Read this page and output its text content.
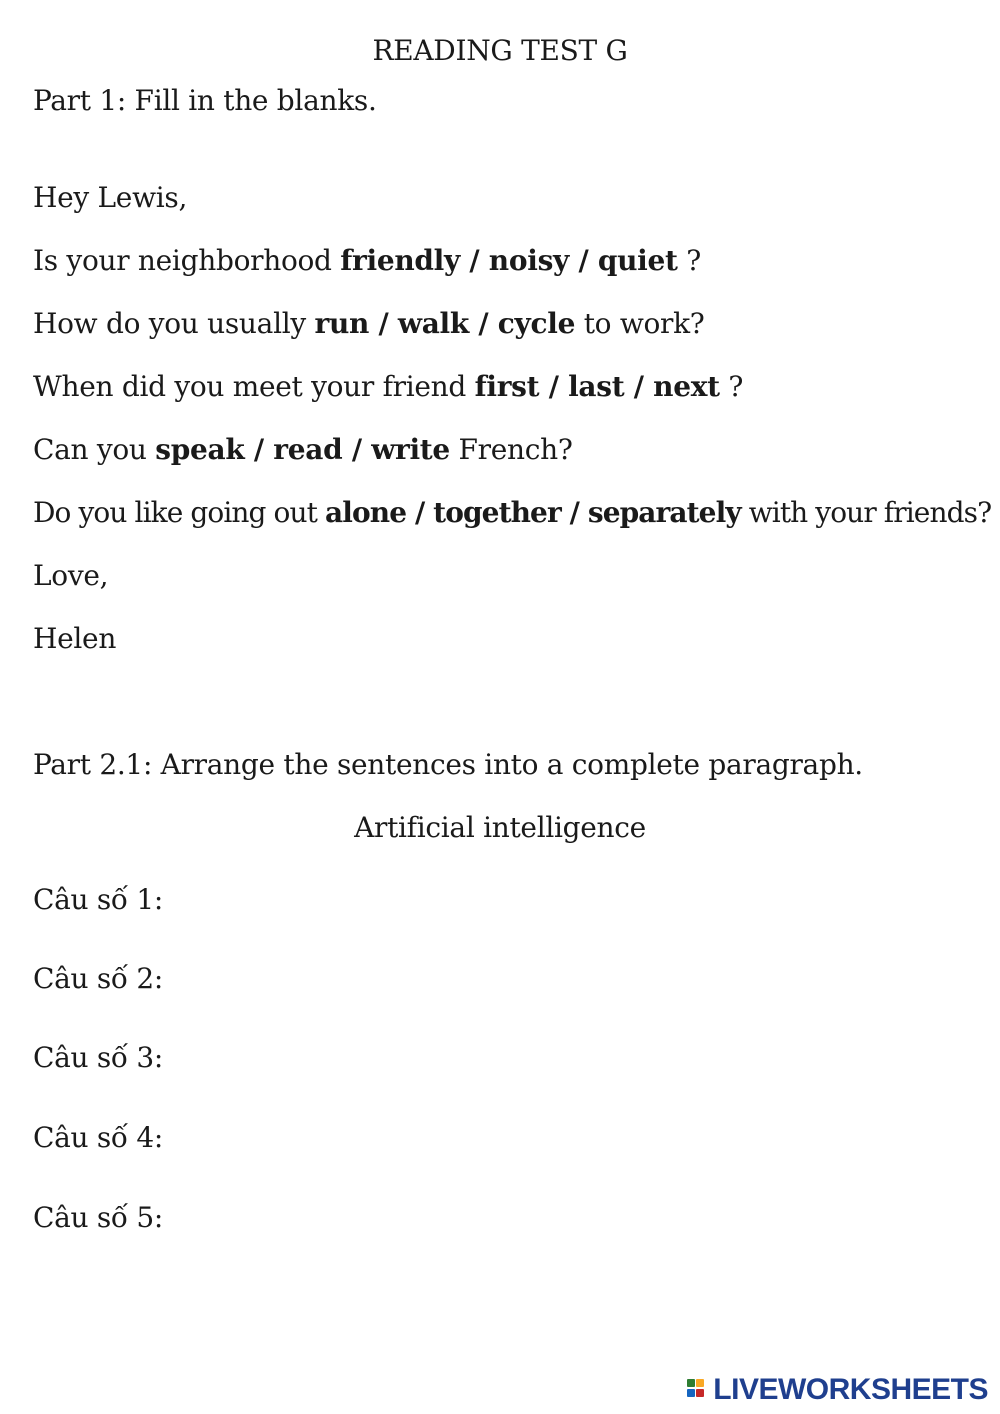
READING TEST G
Part 1: Fill in the blanks.
Hey Lewis,
Is your neighborhood friendly / noisy / quiet ?
How do you usually run / walk / cycle to work?
When did you meet your friend first / last / next ?
Can you speak / read / write French?
Do you like going out alone / together / separately with your friends?
Love,
Helen
Part 2.1: Arrange the sentences into a complete paragraph.
Artificial intelligence
Câu số 1:
Câu số 2:
Câu số 3:
Câu số 4:
Câu số 5:
LIVEWORKSHEETS
